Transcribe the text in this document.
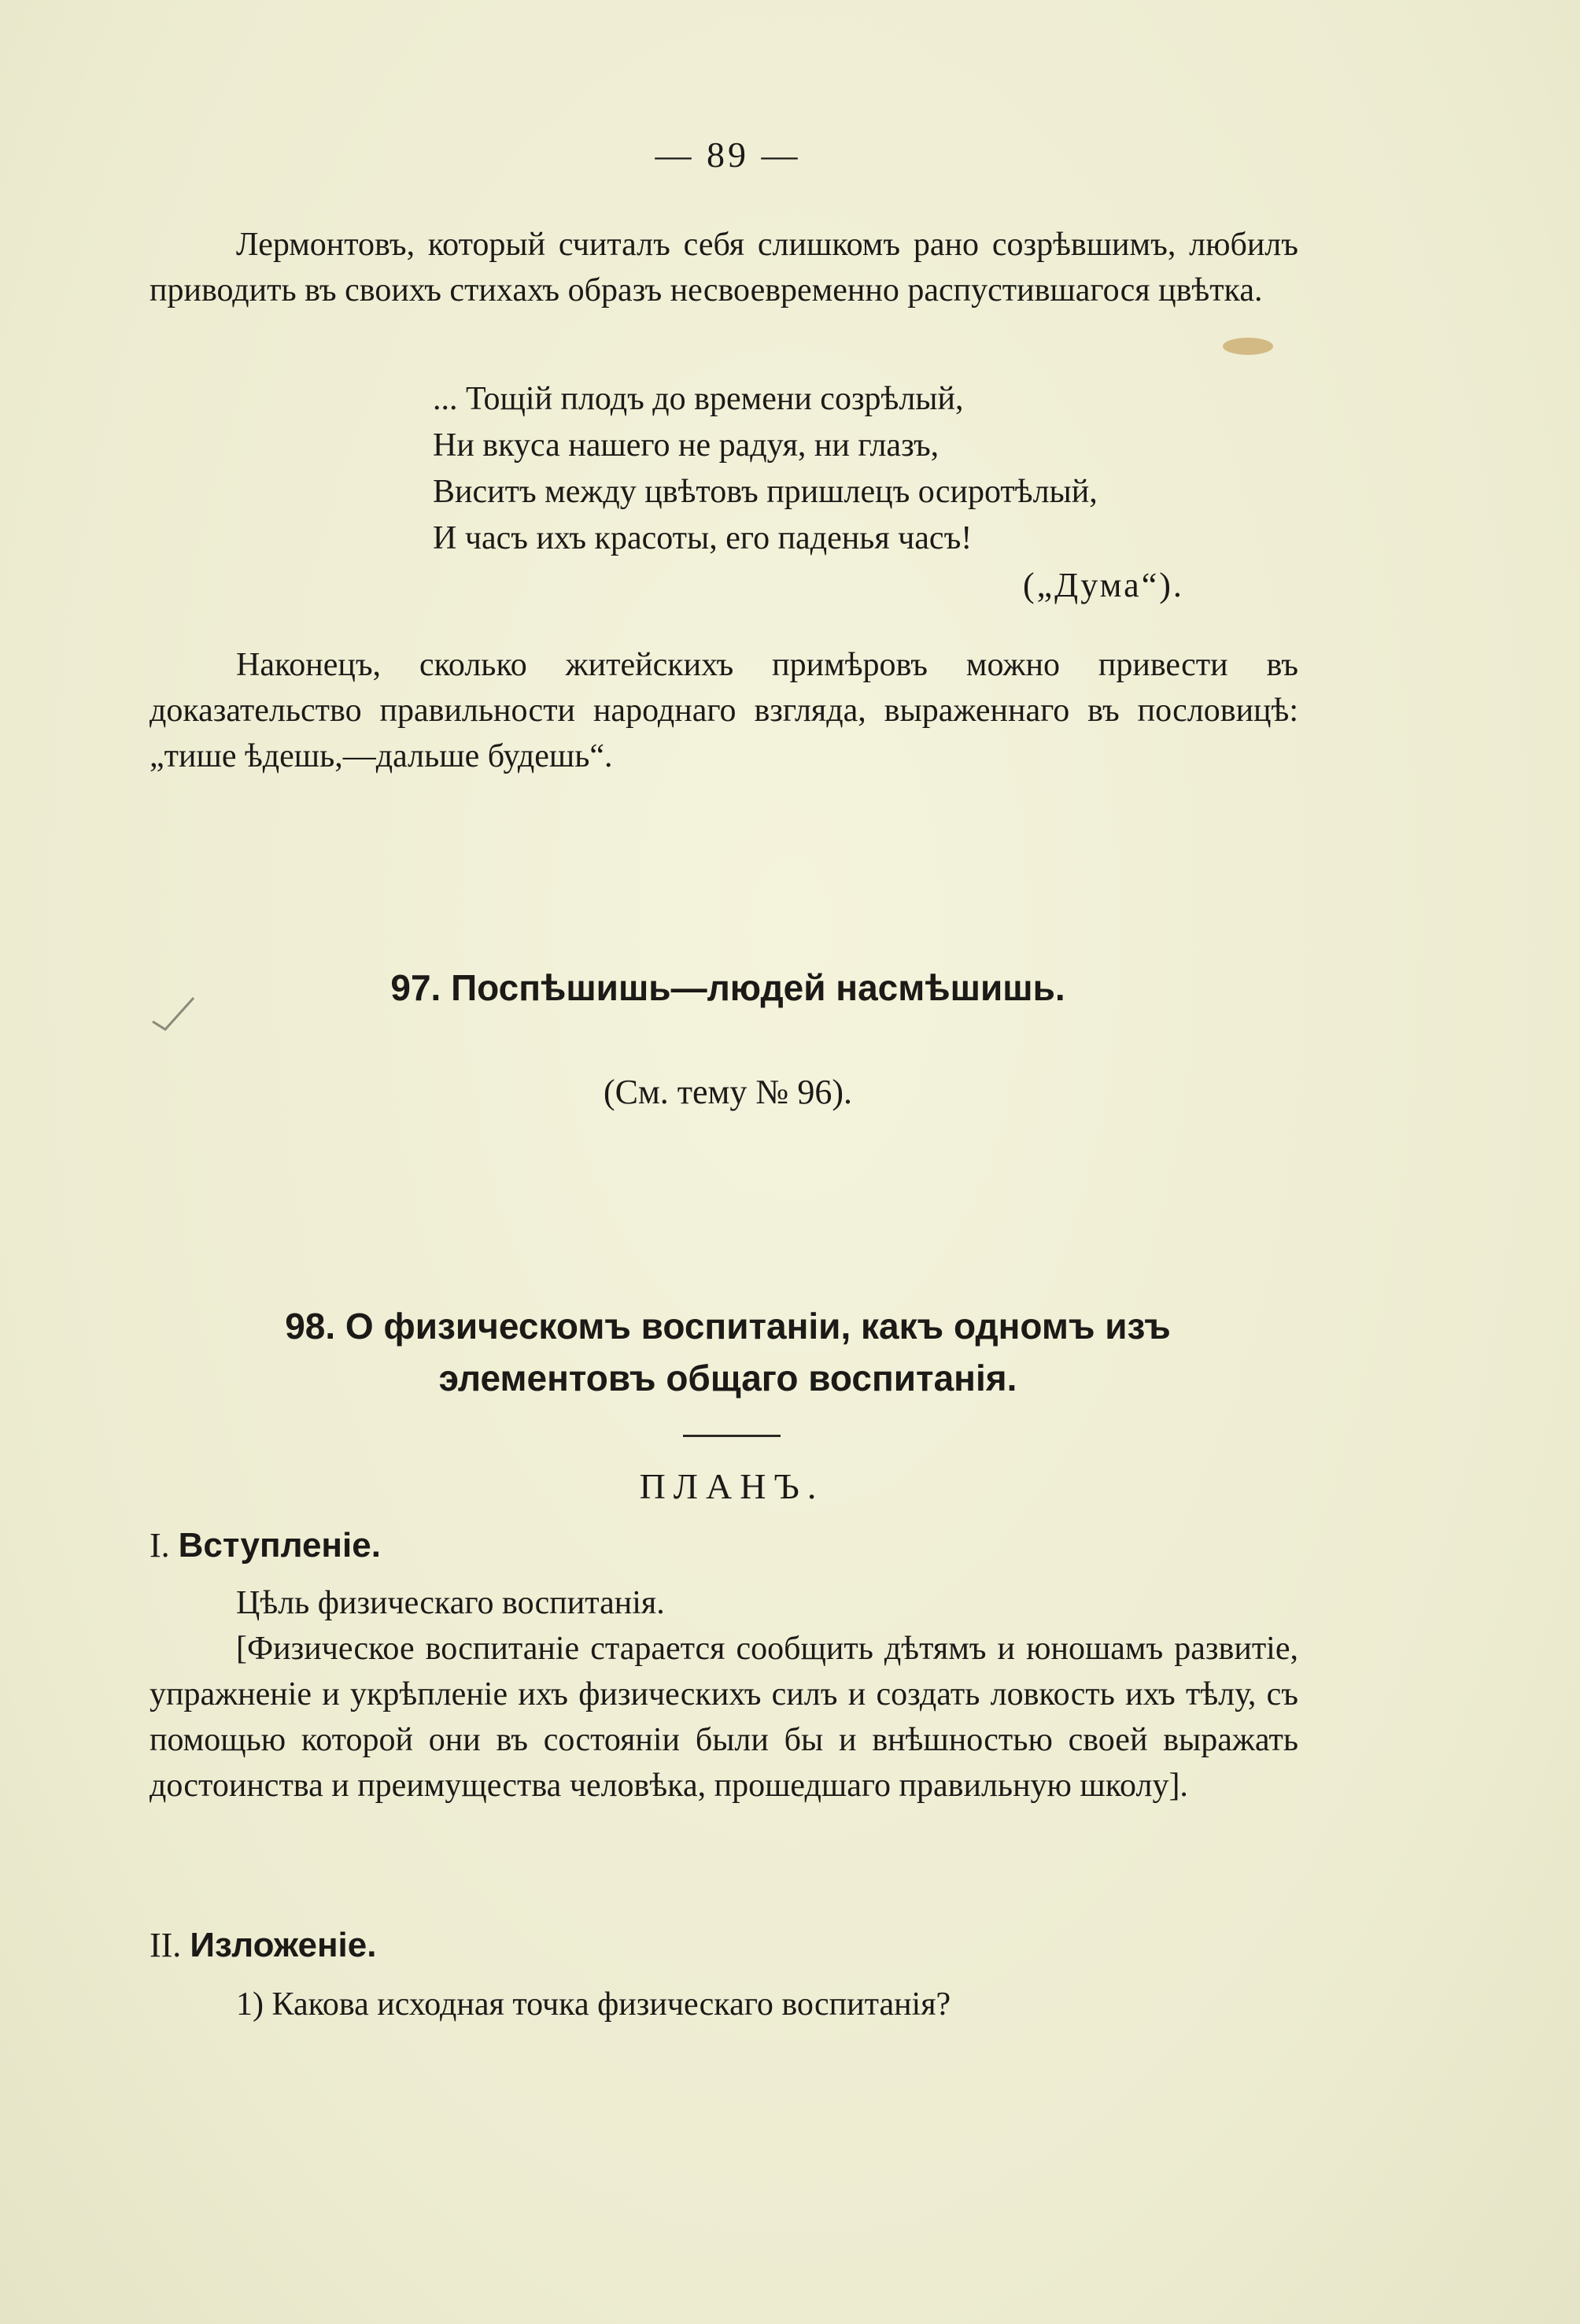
— 89 —

Лермонтовъ, который считалъ себя слишкомъ рано созрѣвшимъ, любилъ приводить въ своихъ стихахъ образъ несвоевременно распустившагося цвѣтка.

... Тощій плодъ до времени созрѣлый,
Ни вкуса нашего не радуя, ни глазъ,
Виситъ между цвѣтовъ пришлецъ осиротѣлый,
И часъ ихъ красоты, его паденья часъ!
(„Дума“).

Наконецъ, сколько житейскихъ примѣровъ можно привести въ доказательство правильности народнаго взгляда, выраженнаго въ пословицѣ: „тише ѣдешь,—дальше будешь“.

97. Поспѣшишь—людей насмѣшишь.
(См. тему № 96).
98. О физическомъ воспитаніи, какъ одномъ изъ
элементовъ общаго воспитанія.
ПЛАНЪ.
I. Вступленіе.

Цѣль физическаго воспитанія.

[Физическое воспитаніе старается сообщить дѣтямъ и юношамъ развитіе, упражненіе и укрѣпленіе ихъ физическихъ силъ и создать ловкость ихъ тѣлу, съ помощью которой они въ состояніи были бы и внѣшностью своей выражать достоинства и преимущества человѣка, прошедшаго правильную школу].

II. Изложеніе.

1) Какова исходная точка физическаго воспитанія?
